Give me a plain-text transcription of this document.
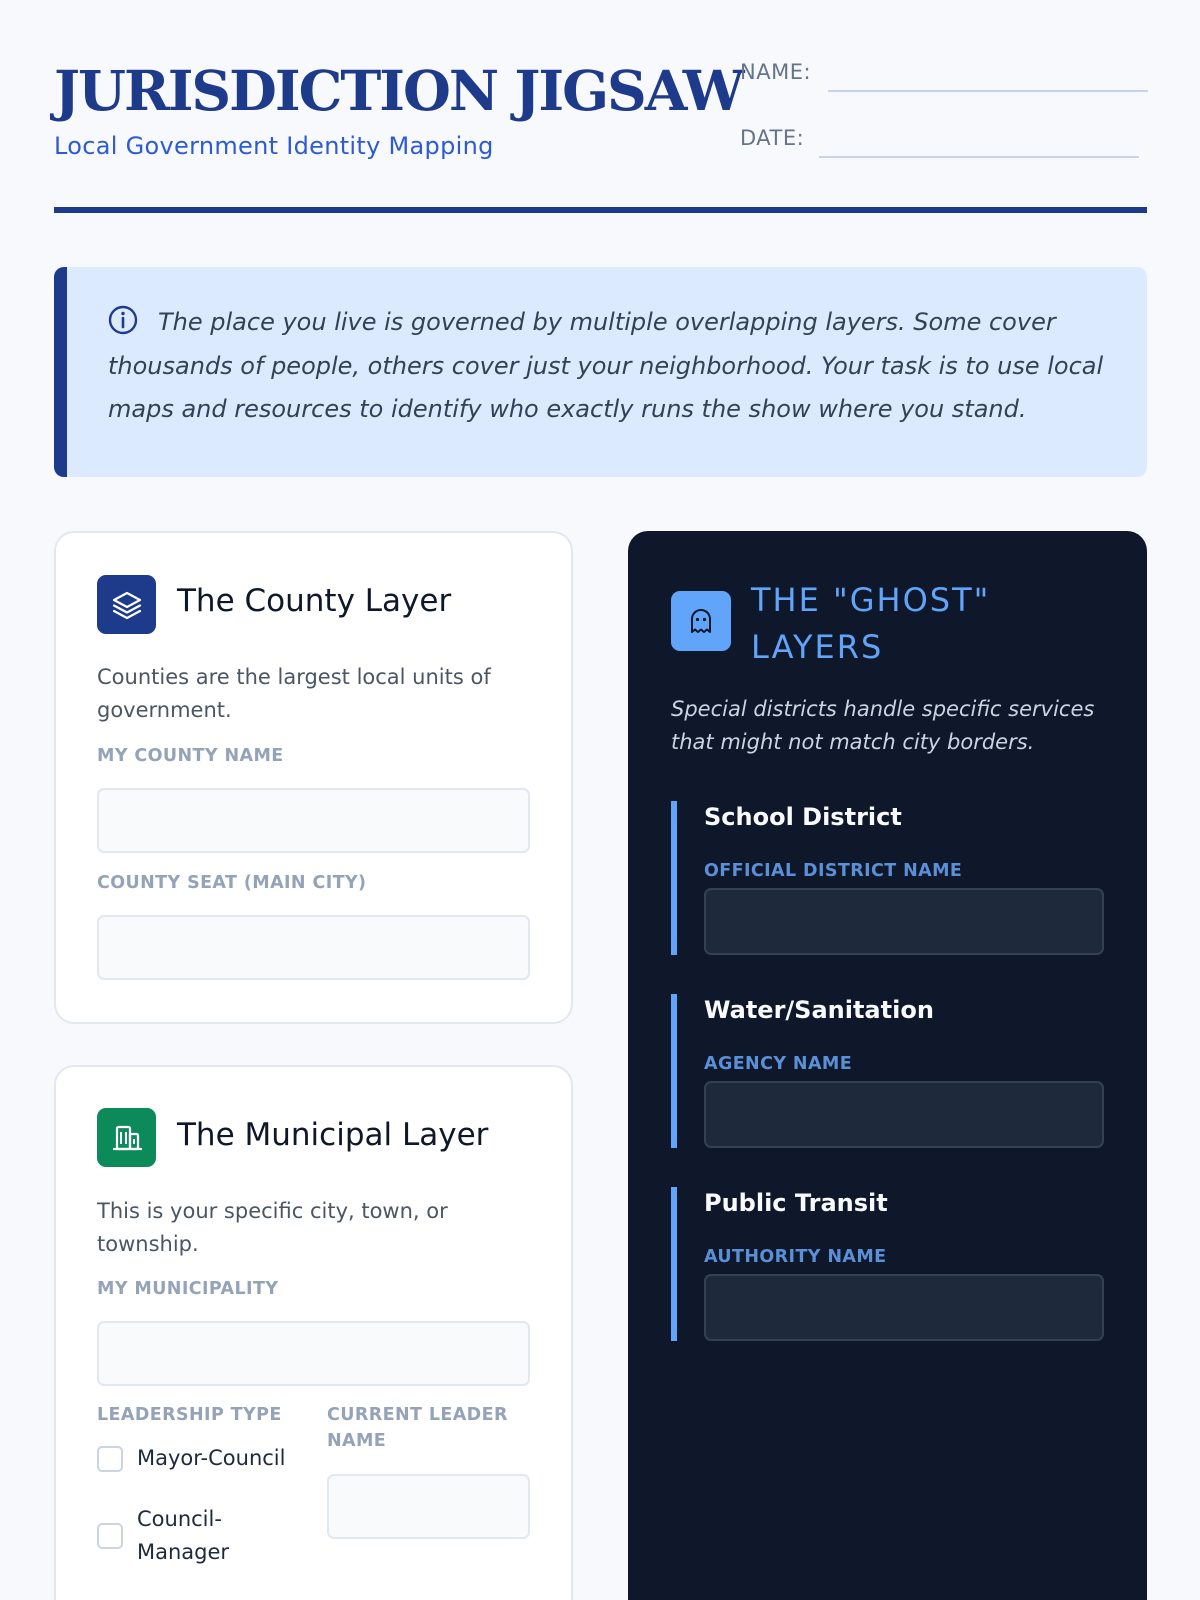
JURISDICTION JIGSAW
Local Government Identity Mapping
NAME:
DATE:
The place you live is governed by multiple overlapping layers. Some cover thousands of people, others cover just your neighborhood. Your task is to use local maps and resources to identify who exactly runs the show where you stand.
The County Layer
Counties are the largest local units of government.
MY COUNTY NAME
COUNTY SEAT (MAIN CITY)
The Municipal Layer
This is your specific city, town, or township.
MY MUNICIPALITY
LEADERSHIP TYPE
Mayor-Council
Council-Manager
CURRENT LEADER NAME
THE "GHOST" LAYERS
Special districts handle specific services that might not match city borders.
School District
OFFICIAL DISTRICT NAME
Water/Sanitation
AGENCY NAME
Public Transit
AUTHORITY NAME
